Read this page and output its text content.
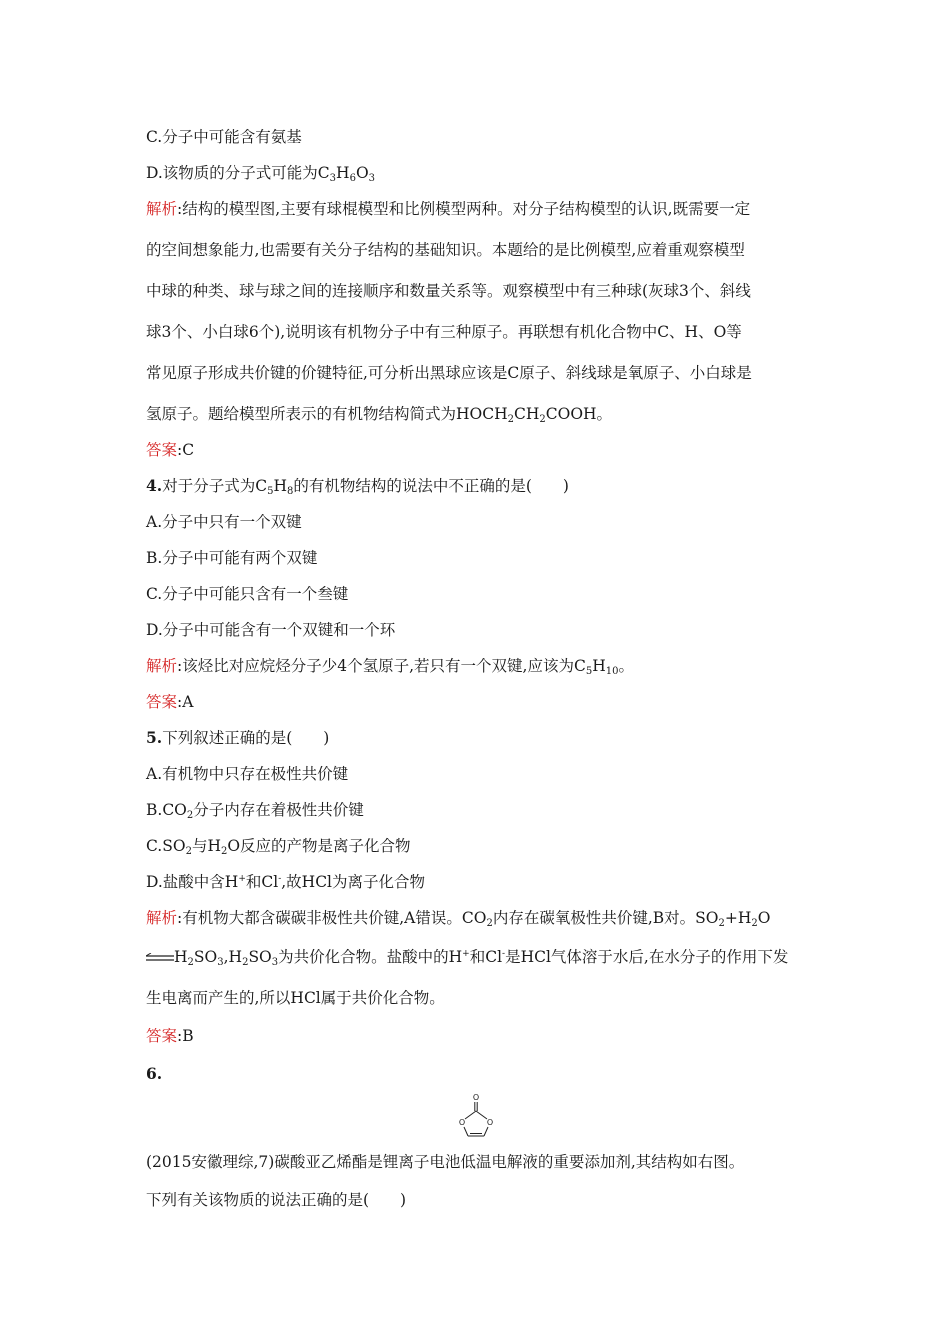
C.分子中可能含有氨基
D.该物质的分子式可能为$C_3H_6O_3$
解析:结构的模型图,主要有球棍模型和比例模型两种。对分子结构模型的认识,既需要一定
的空间想象能力,也需要有关分子结构的基础知识。本题给的是比例模型,应着重观察模型
中球的种类、球与球之间的连接顺序和数量关系等。观察模型中有三种球(灰球3个、斜线
球3个、小白球6个),说明该有机物分子中有三种原子。再联想有机化合物中C、H、O等
常见原子形成共价键的价键特征,可分析出黑球应该是C原子、斜线球是氧原子、小白球是
氢原子。题给模型所表示的有机物结构简式为$HOCH_2CH_2COOH$。
答案:C
4.对于分子式为$C_5H_8$的有机物结构的说法中不正确的是(　　)
A.分子中只有一个双键
B.分子中可能有两个双键
C.分子中可能只含有一个叁键
D.分子中可能含有一个双键和一个环
解析:该烃比对应烷烃分子少4个氢原子,若只有一个双键,应该为$C_5H_{10}$。
答案:A
5.下列叙述正确的是(　　)
A.有机物中只存在极性共价键
$B.CO_2$分子内存在着极性共价键
$C.SO_2$与$H_2O$反应的产物是离子化合物
D.盐酸中含H+和Cl-,故HCl为离子化合物
解析:有机物大都含碳碳非极性共价键,A错误。$CO_2$内存在碳氧极性共价键,B对。$SO_2+H_2O$
$H_2SO_3,H_2SO_3$为共价化合物。盐酸中的H+和Cl-是HCl气体溶于水后,在水分子的作用下发
生电离而产生的,所以HCl属于共价化合物。
答案:B
6.
O
O	O
(2015安徽理综,7)碳酸亚乙烯酯是锂离子电池低温电解液的重要添加剂,其结构如右图。
下列有关该物质的说法正确的是(　　)
